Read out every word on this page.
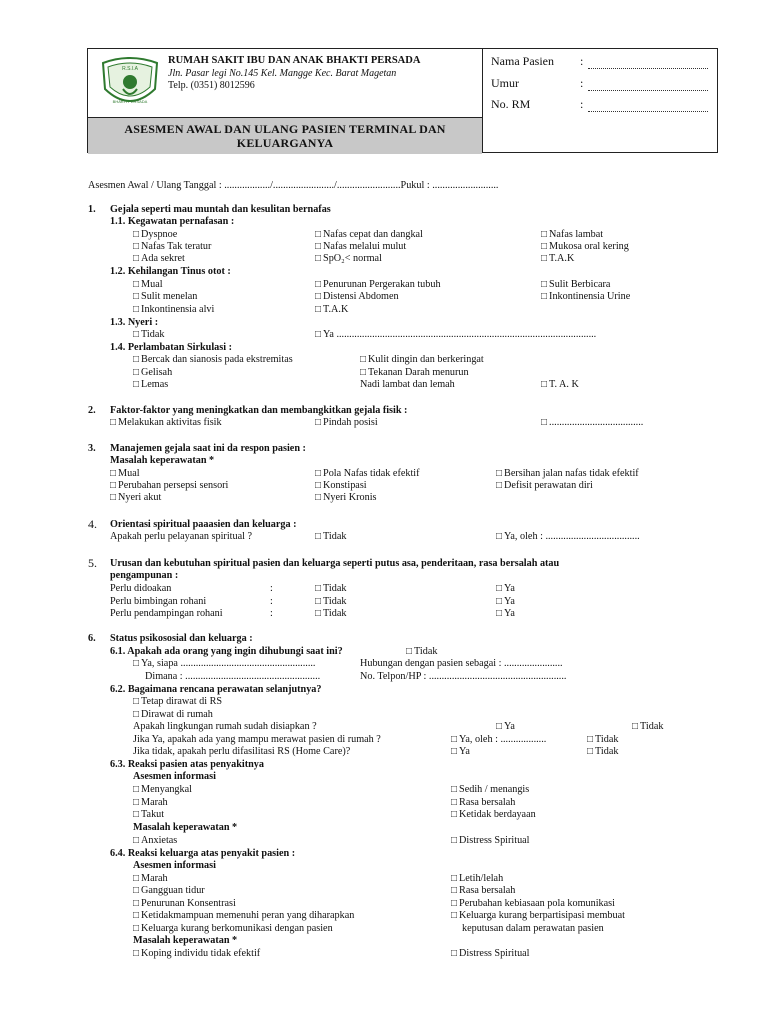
R.S.I.A
BHAKTI PERSADA
RUMAH SAKIT IBU DAN ANAK BHAKTI PERSADA
Jln. Pasar legi No.145 Kel. Mangge Kec. Barat Magetan
Telp. (0351) 8012596
ASESMEN AWAL DAN ULANG PASIEN TERMINAL DAN KELUARGANYA
Nama Pasien :
Umur	:
No. RM	:
Asesmen Awal / Ulang Tanggal : ................../......................../.........................Pukul : ..........................
1. Gejala seperti mau muntah dan kesulitan bernafas
1.1. Kegawatan pernafasan :
□ Dyspnoe	□ Nafas cepat dan dangkal	□ Nafas lambat
□ Nafas Tak teratur	□ Nafas melalui mulut	□ Mukosa oral kering
□ Ada sekret	□ SpO₂< normal	□ T.A.K
1.2. Kehilangan Tinus otot :
□ Mual	□ Penurunan Pergerakan tubuh	□ Sulit Berbicara
□ Sulit menelan	□ Distensi Abdomen	□ Inkontinensia Urine
□ Inkontinensia alvi	□ T.A.K
1.3. Nyeri :
□ Tidak	□ Ya ......................................................................................................
1.4. Perlambatan Sirkulasi :
□ Bercak dan sianosis pada ekstremitas	□ Kulit dingin dan berkeringat
□ Gelisah	□ Tekanan Darah menurun
□ Lemas	Nadi lambat dan lemah	□ T. A. K
2. Faktor-faktor yang meningkatkan dan membangkitkan gejala fisik :
□ Melakukan aktivitas fisik	□ Pindah posisi	□ .....................................
3. Manajemen gejala saat ini da respon pasien :
Masalah keperawatan *
□ Mual	□ Pola Nafas tidak efektif	□ Bersihan jalan nafas tidak efektif
□ Perubahan persepsi sensori	□ Konstipasi	□ Defisit perawatan diri
□ Nyeri akut	□ Nyeri Kronis
4. Orientasi spiritual paaasien dan keluarga :
Apakah perlu pelayanan spiritual ?	□ Tidak	□ Ya, oleh : .....................................
5. Urusan dan kebutuhan spiritual pasien dan keluarga seperti putus asa, penderitaan, rasa bersalah atau
pengampunan :
Perlu didoakan	:	□ Tidak	□ Ya
Perlu bimbingan rohani	:	□ Tidak	□ Ya
Perlu pendampingan rohani	:	□ Tidak	□ Ya
6. Status psikososial dan keluarga :
6.1. Apakah ada orang yang ingin dihubungi saat ini?	□ Tidak
□ Ya, siapa .....................................................	Hubungan dengan pasien sebagai : .......................
Dimana : .....................................................	No. Telpon/HP : ......................................................
6.2. Bagaimana rencana perawatan selanjutnya?
□ Tetap dirawat di RS
□ Dirawat di rumah
Apakah lingkungan rumah sudah disiapkan ?	□ Ya	□ Tidak
Jika Ya, apakah ada yang mampu merawat pasien di rumah ?	□ Ya, oleh : ..................	□ Tidak
Jika tidak, apakah perlu difasilitasi RS (Home Care)?	□ Ya	□ Tidak
6.3. Reaksi pasien atas penyakitnya
Asesmen informasi
□ Menyangkal	□ Sedih / menangis
□ Marah	□ Rasa bersalah
□ Takut	□ Ketidak berdayaan
Masalah keperawatan *
□ Anxietas	□ Distress Spiritual
6.4. Reaksi keluarga atas penyakit pasien :
Asesmen informasi
□ Marah	□ Letih/lelah
□ Gangguan tidur	□ Rasa bersalah
□ Penurunan Konsentrasi	□ Perubahan kebiasaan pola komunikasi
□ Ketidakmampuan memenuhi peran yang diharapkan	□ Keluarga kurang berpartisipasi membuat
□ Keluarga kurang berkomunikasi dengan pasien	keputusan dalam perawatan pasien
Masalah keperawatan *
□ Koping individu tidak efektif	□ Distress Spiritual
